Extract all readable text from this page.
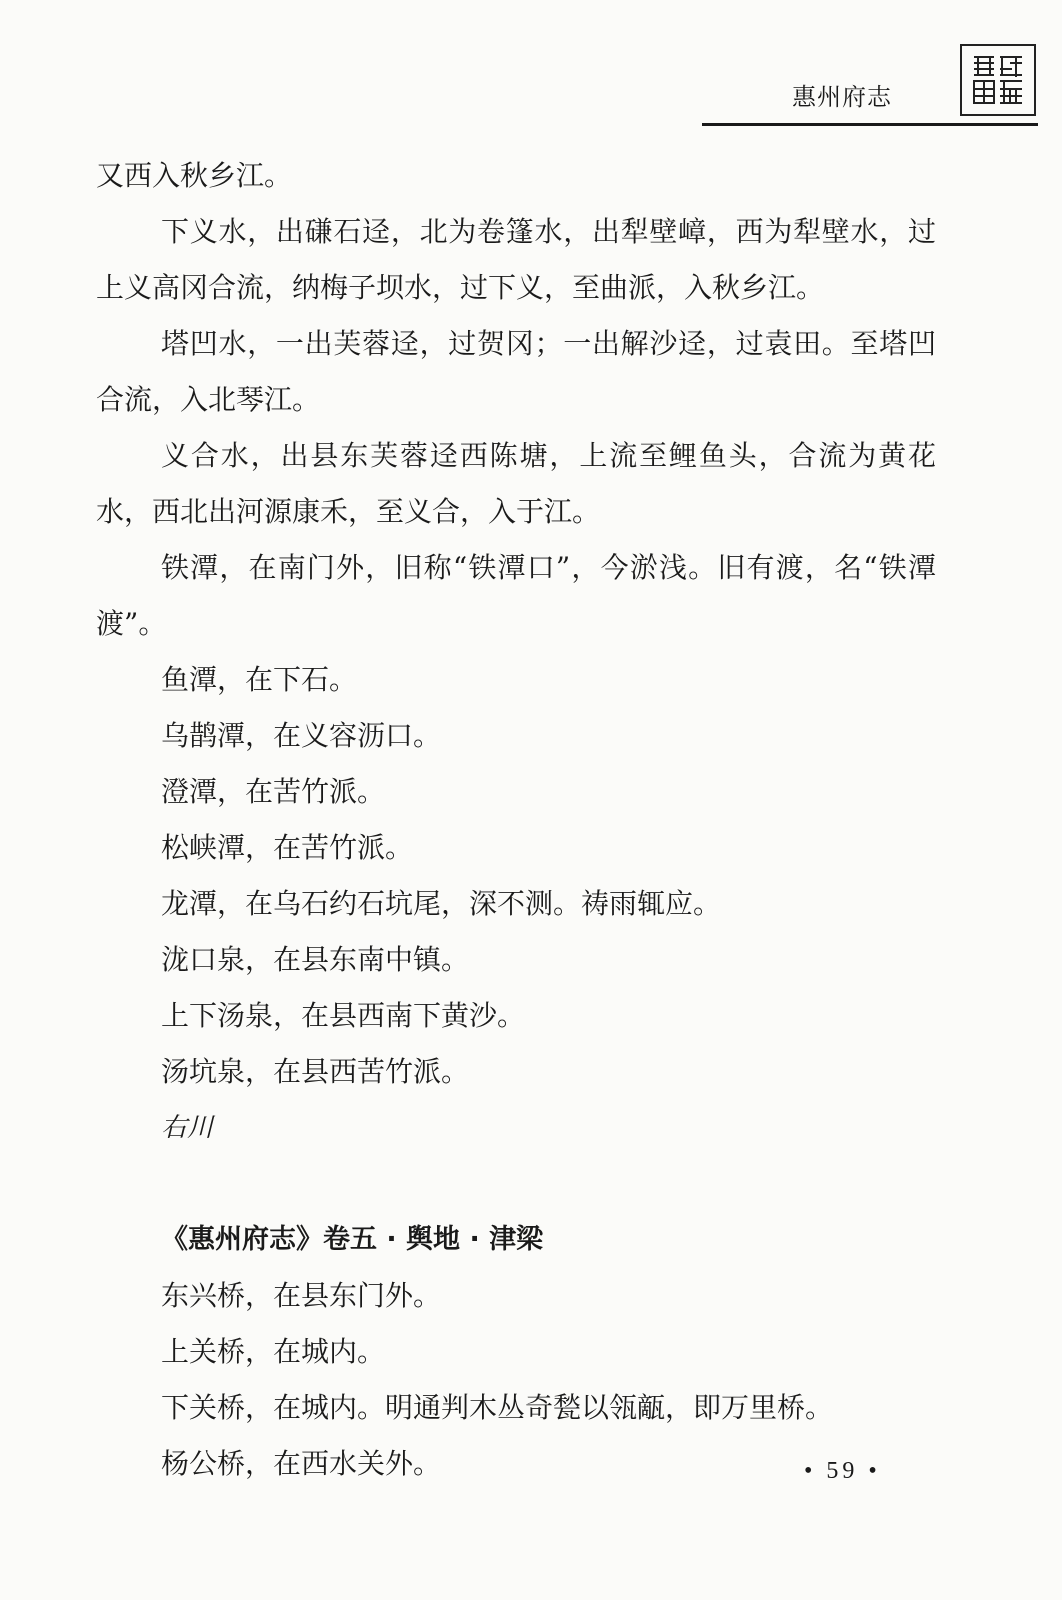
惠州府志

又西入秋乡江。

下义水，出磏石迳，北为卷篷水，出犁壁嶂，西为犁壁水，过上义高冈合流，纳梅子坝水，过下义，至曲派，入秋乡江。

塔凹水，一出芙蓉迳，过贺冈；一出解沙迳，过袁田。至塔凹合流，入北琴江。

义合水，出县东芙蓉迳西陈塘，上流至鲤鱼头，合流为黄花水，西北出河源康禾，至义合，入于江。

铁潭，在南门外，旧称“铁潭口”，今淤浅。旧有渡，名“铁潭渡”。

鱼潭，在下石。

乌鹊潭，在义容沥口。

澄潭，在苦竹派。

松峡潭，在苦竹派。

龙潭，在乌石约石坑尾，深不测。祷雨辄应。

泷口泉，在县东南中镇。

上下汤泉，在县西南下黄沙。

汤坑泉，在县西苦竹派。

右川

《惠州府志》卷五 · 舆地 · 津梁

东兴桥，在县东门外。

上关桥，在城内。

下关桥，在城内。明通判木丛奇甃以瓴甋，即万里桥。

杨公桥，在西水关外。	• 59 •
